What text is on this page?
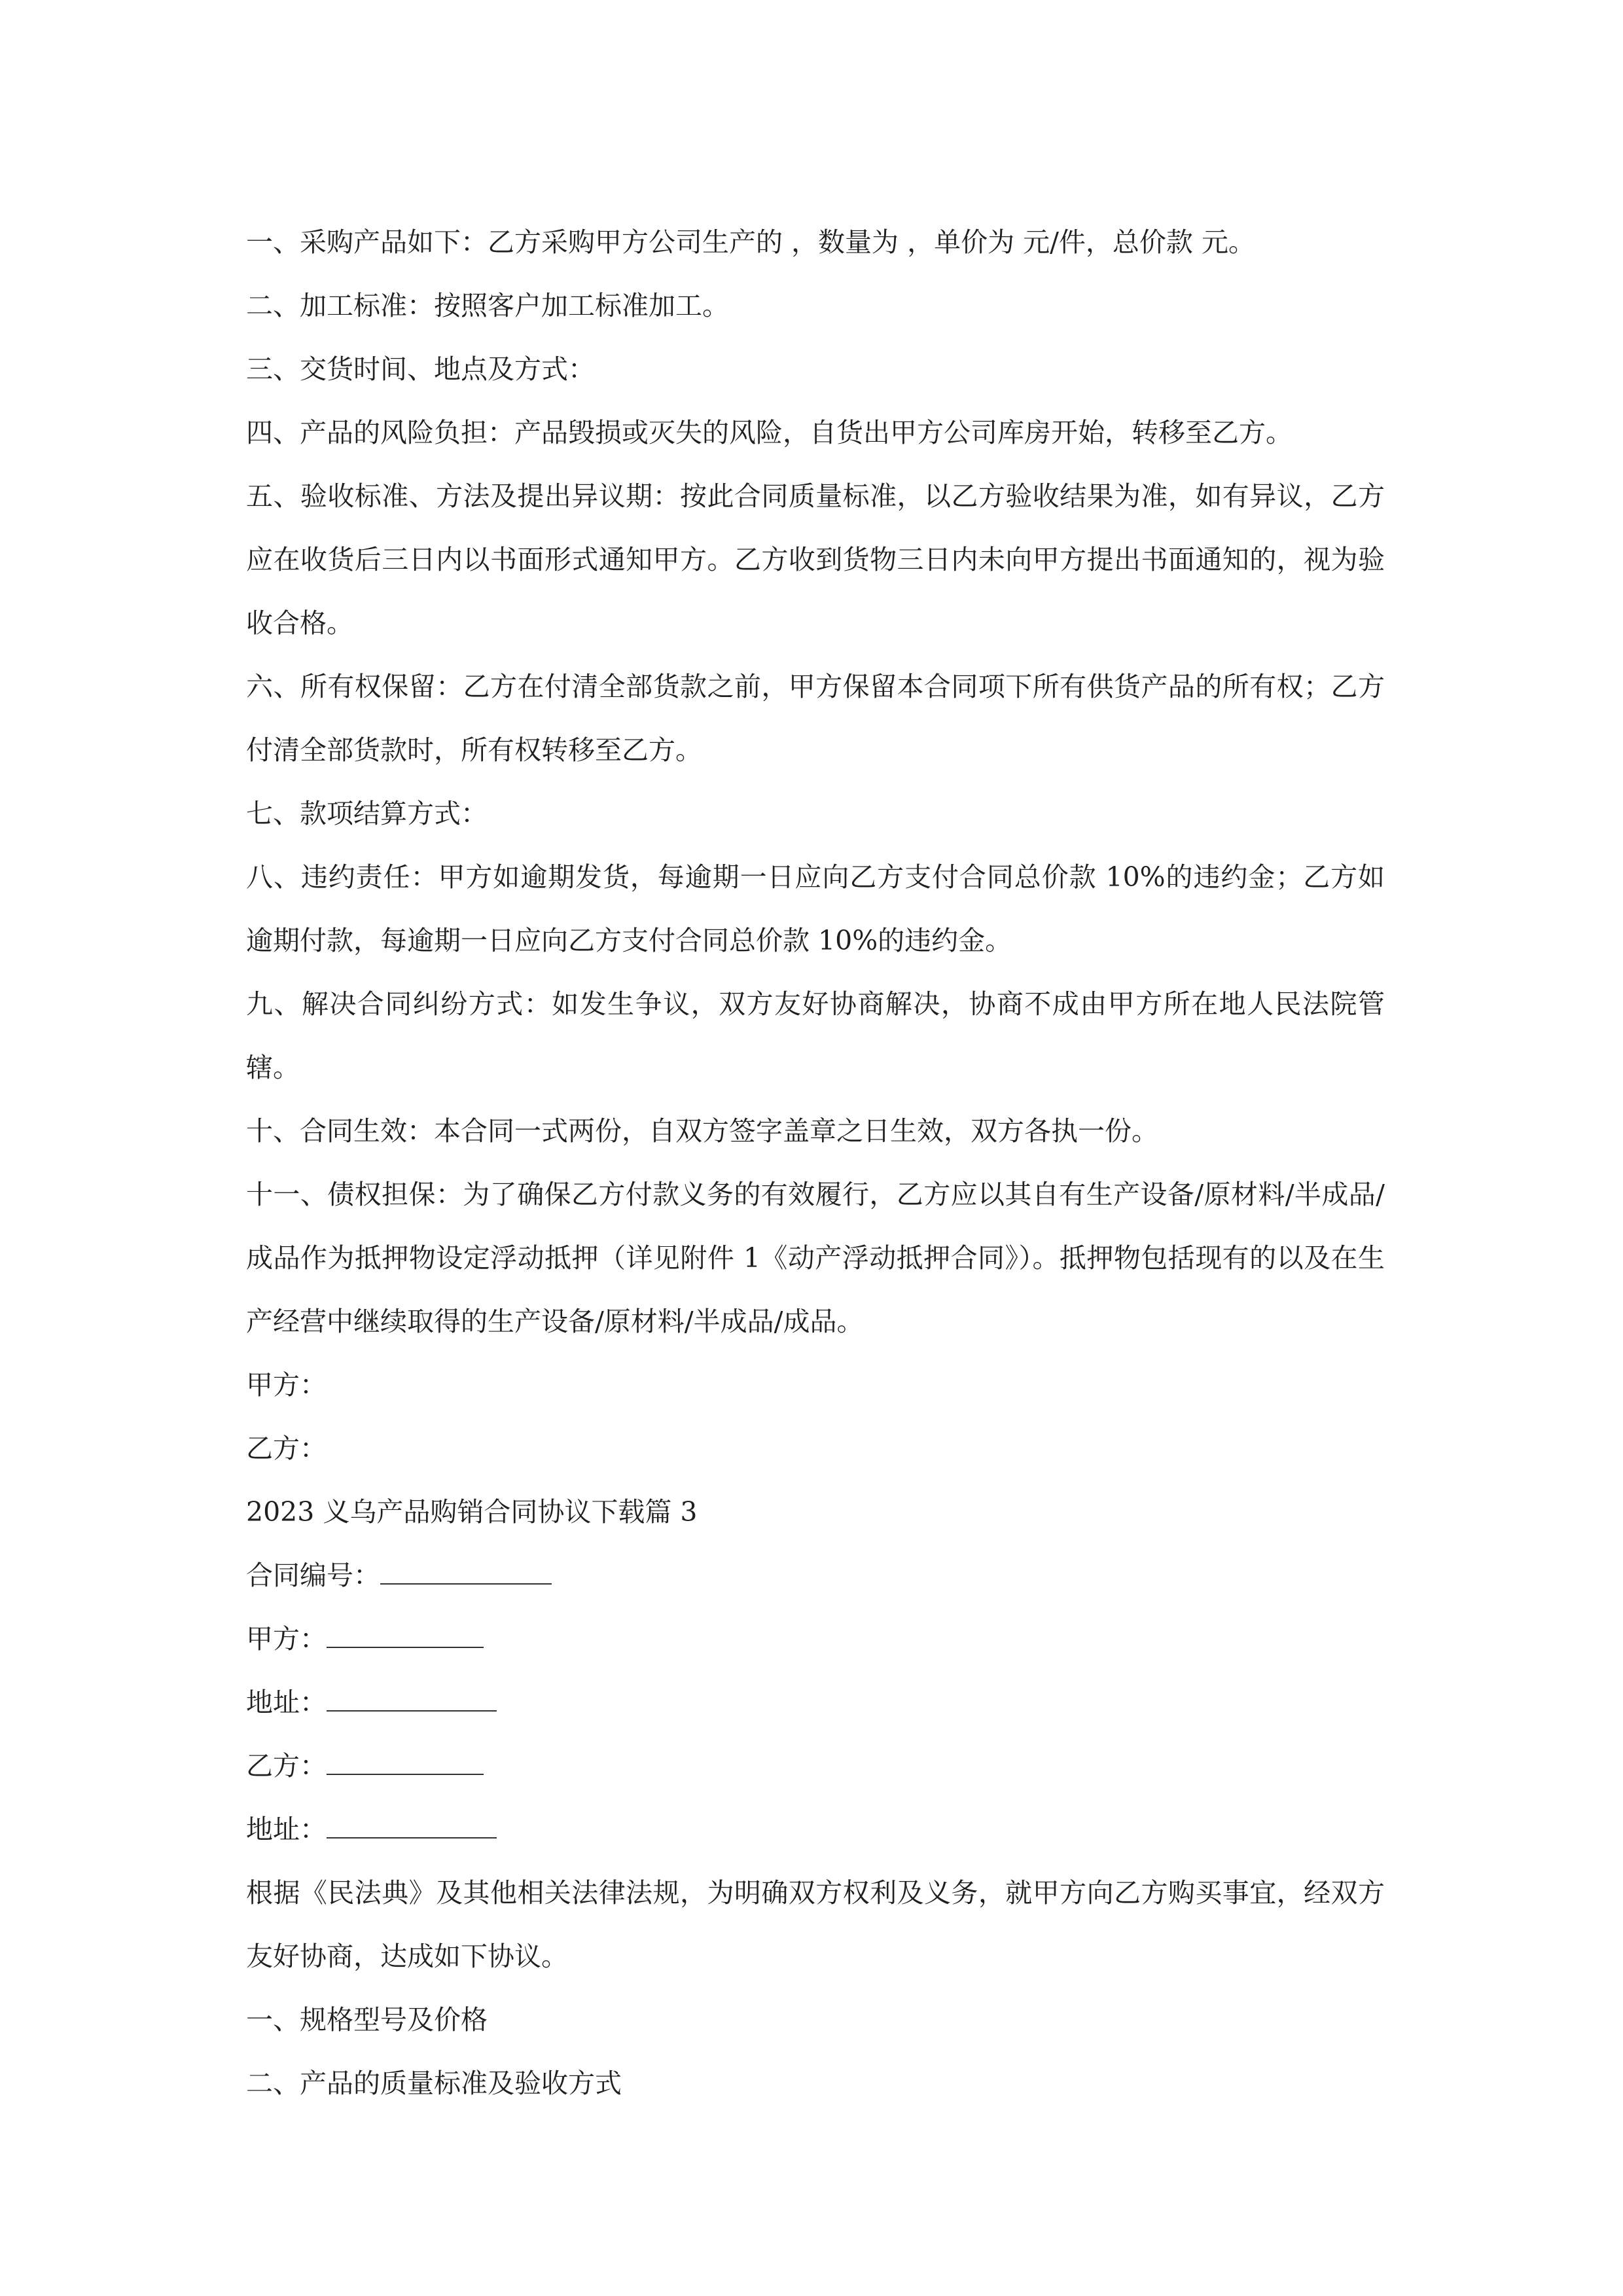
一、采购产品如下：乙方采购甲方公司生产的 ，数量为 ，单价为 元/件，总价款 元。

二、加工标准：按照客户加工标准加工。

三、交货时间、地点及方式：

四、产品的风险负担：产品毁损或灭失的风险，自货出甲方公司库房开始，转移至乙方。

五、验收标准、方法及提出异议期：按此合同质量标准，以乙方验收结果为准，如有异议，乙方应在收货后三日内以书面形式通知甲方。乙方收到货物三日内未向甲方提出书面通知的，视为验收合格。

六、所有权保留：乙方在付清全部货款之前，甲方保留本合同项下所有供货产品的所有权；乙方付清全部货款时，所有权转移至乙方。

七、款项结算方式：

八、违约责任：甲方如逾期发货，每逾期一日应向乙方支付合同总价款 10%的违约金；乙方如逾期付款，每逾期一日应向乙方支付合同总价款 10%的违约金。

九、解决合同纠纷方式：如发生争议，双方友好协商解决，协商不成由甲方所在地人民法院管辖。

十、合同生效：本合同一式两份，自双方签字盖章之日生效，双方各执一份。

十一、债权担保：为了确保乙方付款义务的有效履行，乙方应以其自有生产设备/原材料/半成品/成品作为抵押物设定浮动抵押（详见附件 1《动产浮动抵押合同》）。抵押物包括现有的以及在生产经营中继续取得的生产设备/原材料/半成品/成品。

甲方：

乙方：

2023 义乌产品购销合同协议下载篇 3

合同编号：

甲方：

地址：

乙方：

地址：

根据《民法典》及其他相关法律法规，为明确双方权利及义务，就甲方向乙方购买事宜，经双方友好协商，达成如下协议。

一、规格型号及价格

二、产品的质量标准及验收方式
